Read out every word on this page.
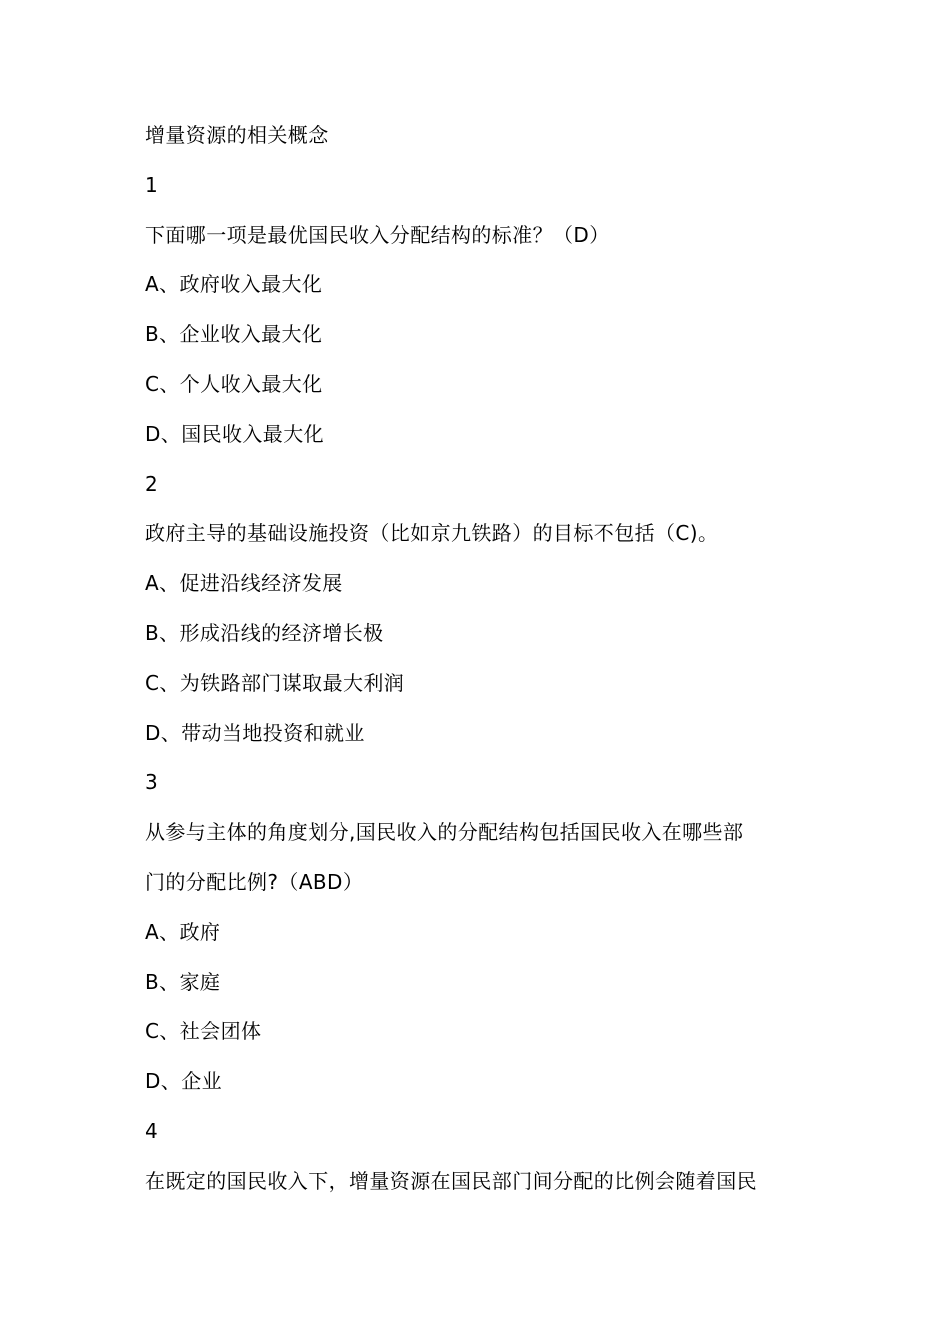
增量资源的相关概念
1
下面哪一项是最优国民收入分配结构的标准？（D）
A、政府收入最大化
B、企业收入最大化
C、个人收入最大化
D、国民收入最大化
2
政府主导的基础设施投资（比如京九铁路）的目标不包括（C)。
A、促进沿线经济发展
B、形成沿线的经济增长极
C、为铁路部门谋取最大利润
D、带动当地投资和就业
3
从参与主体的角度划分,国民收入的分配结构包括国民收入在哪些部
门的分配比例?（ABD）
A、政府
B、家庭
C、社会团体
D、企业
4
在既定的国民收入下，增量资源在国民部门间分配的比例会随着国民
